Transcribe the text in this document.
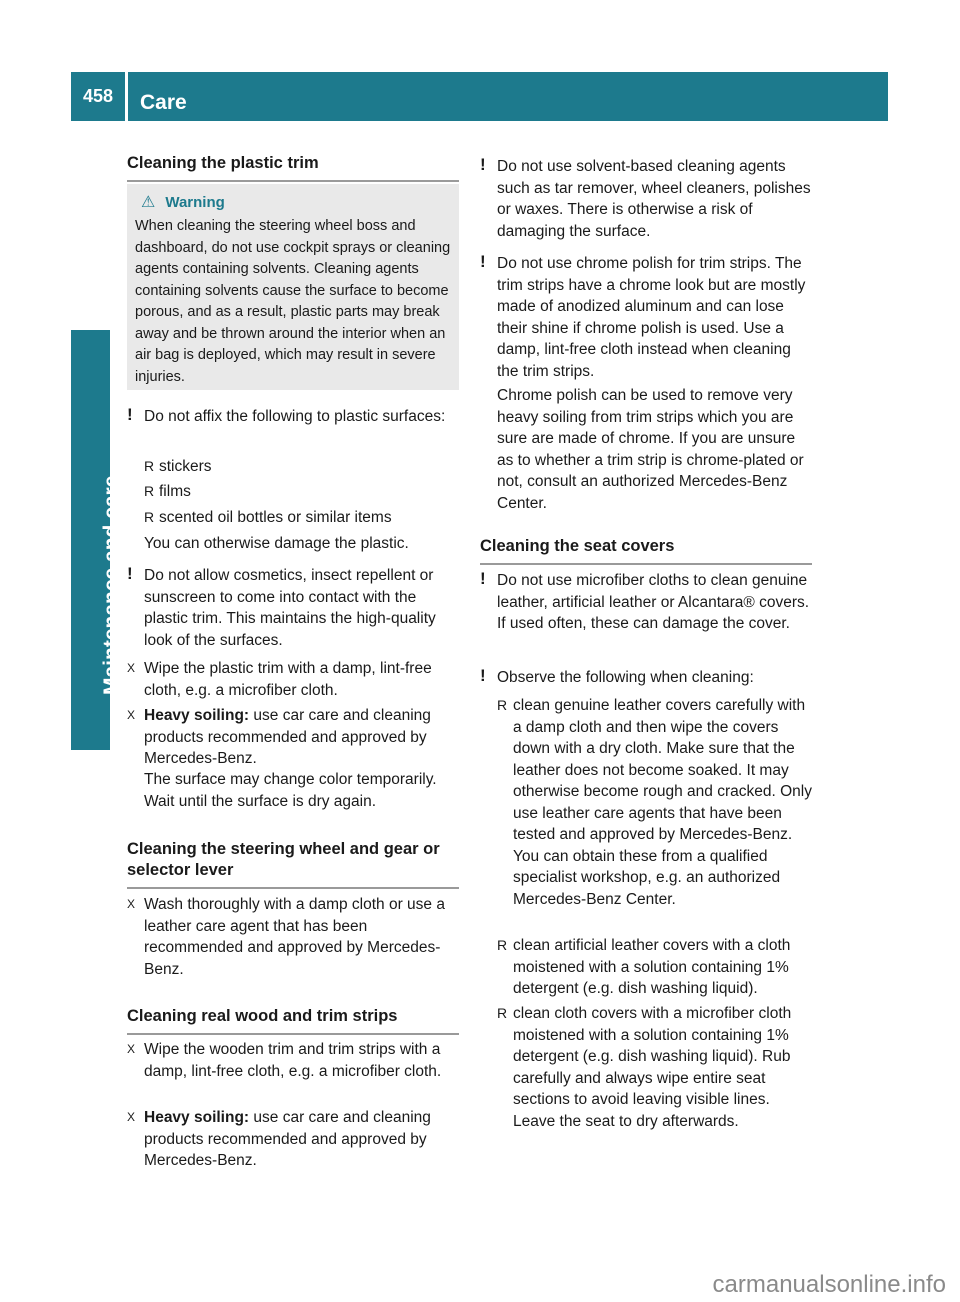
458	Care
Maintenance and care
Cleaning the plastic trim
⚠ Warning
When cleaning the steering wheel boss and dashboard, do not use cockpit sprays or cleaning agents containing solvents. Cleaning agents containing solvents cause the surface to become porous, and as a result, plastic parts may break away and be thrown around the interior when an air bag is deployed, which may result in severe injuries.
! Do not affix the following to plastic surfaces:
R stickers
R films
R scented oil bottles or similar items
You can otherwise damage the plastic.
! Do not allow cosmetics, insect repellent or sunscreen to come into contact with the plastic trim. This maintains the high-quality look of the surfaces.
X Wipe the plastic trim with a damp, lint-free cloth, e.g. a microfiber cloth.
X Heavy soiling: use car care and cleaning products recommended and approved by Mercedes-Benz.
The surface may change color temporarily. Wait until the surface is dry again.
Cleaning the steering wheel and gear or selector lever
X Wash thoroughly with a damp cloth or use a leather care agent that has been recommended and approved by Mercedes-Benz.
Cleaning real wood and trim strips
X Wipe the wooden trim and trim strips with a damp, lint-free cloth, e.g. a microfiber cloth.
X Heavy soiling: use car care and cleaning products recommended and approved by Mercedes-Benz.
! Do not use solvent-based cleaning agents such as tar remover, wheel cleaners, polishes or waxes. There is otherwise a risk of damaging the surface.
! Do not use chrome polish for trim strips. The trim strips have a chrome look but are mostly made of anodized aluminum and can lose their shine if chrome polish is used. Use a damp, lint-free cloth instead when cleaning the trim strips.
Chrome polish can be used to remove very heavy soiling from trim strips which you are sure are made of chrome. If you are unsure as to whether a trim strip is chrome-plated or not, consult an authorized Mercedes-Benz Center.
Cleaning the seat covers
! Do not use microfiber cloths to clean genuine leather, artificial leather or Alcantara® covers. If used often, these can damage the cover.
! Observe the following when cleaning:
R clean genuine leather covers carefully with a damp cloth and then wipe the covers down with a dry cloth. Make sure that the leather does not become soaked. It may otherwise become rough and cracked. Only use leather care agents that have been tested and approved by Mercedes-Benz. You can obtain these from a qualified specialist workshop, e.g. an authorized Mercedes-Benz Center.
R clean artificial leather covers with a cloth moistened with a solution containing 1% detergent (e.g. dish washing liquid).
R clean cloth covers with a microfiber cloth moistened with a solution containing 1% detergent (e.g. dish washing liquid). Rub carefully and always wipe entire seat sections to avoid leaving visible lines. Leave the seat to dry afterwards.
carmanualsonline.info
